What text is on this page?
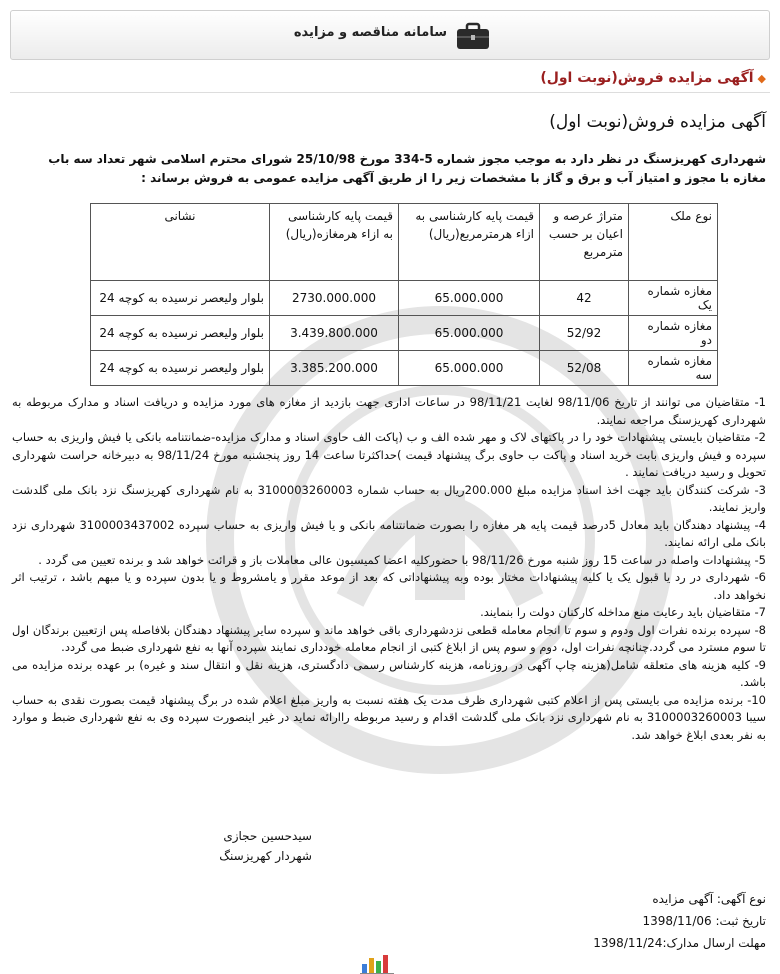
سامانه مناقصه و مزایده
◆آگهی مزایده فروش(نوبت اول)
آگهی مزایده فروش(نوبت اول)
شهرداری کهریزسنگ در نظر دارد به موجب مجوز شماره 5-334 مورخ 25/10/98 شورای محترم اسلامی شهر تعداد سه باب مغازه با مجوز و امتیاز آب و برق و گاز با مشخصات زیر را از طریق آگهی مزایده عمومی به فروش برساند :
نوع ملک	متراژ عرصه و اعیان بر حسب مترمربع	قیمت پایه کارشناسی به ازاء هرمترمربع(ریال)	قیمت پایه کارشناسی به ازاء هرمغازه(ریال)	نشانی
مغازه شماره یک	42	65.000.000	2730.000.000	بلوار ولیعصر نرسیده به کوچه 24
مغازه شماره دو	52/92	65.000.000	3.439.800.000	بلوار ولیعصر نرسیده به کوچه 24
مغازه شماره سه	52/08	65.000.000	3.385.200.000	بلوار ولیعصر نرسیده به کوچه 24

1- متقاضیان می توانند از تاریخ 98/11/06 لغایت 98/11/21 در ساعات اداری جهت بازدید از مغازه های مورد مزایده و دریافت اسناد و مدارک مربوطه به شهرداری کهریزسنگ مراجعه نمایند.

2- متقاضیان بایستی پیشنهادات خود را در پاکتهای لاک و مهر شده الف و ب (پاکت الف حاوی اسناد و مدارک مزایده-ضمانتنامه بانکی یا فیش واریزی به حساب سپرده و فیش واریزی بابت خرید اسناد و پاکت ب حاوی برگ پیشنهاد قیمت )حداکثرتا ساعت 14 روز پنجشنبه مورخ 98/11/24 به دبیرخانه حراست شهرداری تحویل و رسید دریافت نمایند .

3- شرکت کنندگان باید جهت اخذ اسناد مزایده مبلغ 200.000ریال به حساب شماره 3100003260003 به نام شهرداری کهریزسنگ نزد بانک ملی گلدشت واریز نمایند.

4- پیشنهاد دهندگان باید معادل 5درصد قیمت پایه هر مغازه را بصورت ضمانتنامه بانکی و یا فیش واریزی به حساب سپرده 3100003437002 شهرداری نزد بانک ملی ارائه نمایند.

5- پیشنهادات واصله در ساعت 15 روز شنبه مورخ 98/11/26 با حضورکلیه اعضا کمیسیون عالی معاملات باز و قرائت خواهد شد و برنده تعیین می گردد .

6- شهرداری در رد یا قبول یک یا کلیه پیشنهادات مختار بوده وبه پیشنهاداتی که بعد از موعد مقرر و یامشروط و یا بدون سپرده و یا مبهم باشد ، ترتیب اثر نخواهد داد.

7- متقاضیان باید رعایت منع مداخله کارکنان دولت را بنمایند.

8- سپرده برنده نفرات اول ودوم و سوم تا انجام معامله قطعی نزدشهرداری باقی خواهد ماند و سپرده سایر پیشنهاد دهندگان بلافاصله پس ازتعیین برندگان اول تا سوم مسترد می گردد.چنانچه نفرات اول، دوم و سوم پس از ابلاغ کتبی از انجام معامله خودداری نمایند سپرده آنها به نفع شهرداری ضبط می گردد.

9- کلیه هزینه های متعلقه شامل(هزینه چاپ آگهی در روزنامه، هزینه کارشناس رسمی دادگستری، هزینه نقل و انتقال سند و غیره) بر عهده برنده مزایده می باشد.

10- برنده مزایده می بایستی پس از اعلام کتبی شهرداری ظرف مدت یک هفته نسبت به واریز مبلغ اعلام شده در برگ پیشنهاد قیمت بصورت نقدی به حساب سیبا 3100003260003 به نام شهرداری نزد بانک ملی گلدشت اقدام و رسید مربوطه راارائه نماید در غیر اینصورت سپرده وی به نفع شهرداری ضبط و موارد به نفر بعدی ابلاغ خواهد شد.

سیدحسین حجازی
شهردار کهریزسنگ
نوع آگهی: آگهی مزایده
تاریخ ثبت: 1398/11/06
مهلت ارسال مدارک:1398/11/24
